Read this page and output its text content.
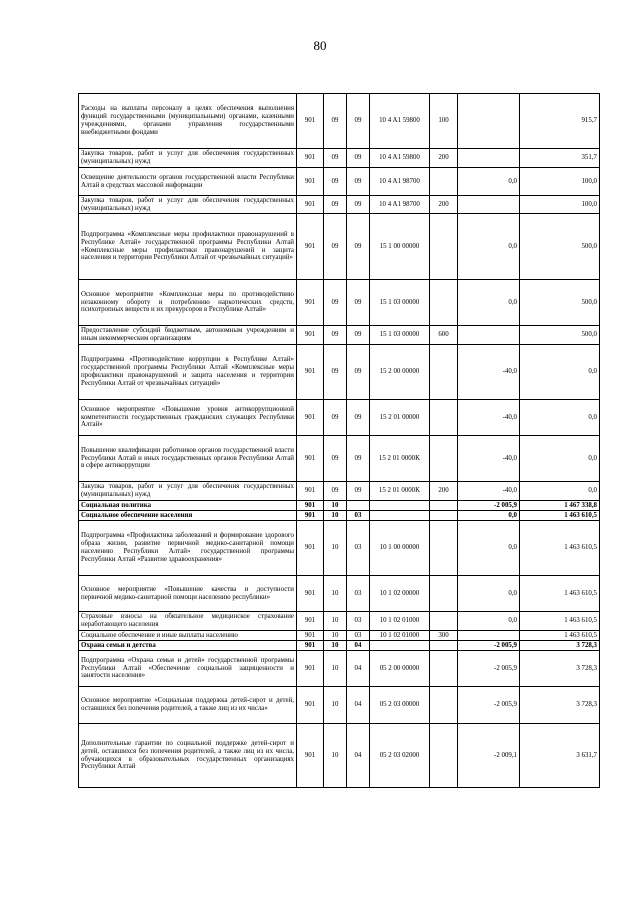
80
Расходы на выплаты персоналу в целях обеспечения выполнения функций государственными (муниципальными) органами, казенными учреждениями, органами управления государственными внебюджетными фондами	901	09	09	10 4 A1 59800	100		915,7
Закупка товаров, работ и услуг для обеспечения государственных (муниципальных) нужд	901	09	09	10 4 A1 59800	200		351,7
Освещение деятельности органов государственной власти Республики Алтай в средствах массовой информации	901	09	09	10 4 A1 98700		0,0	100,0
Закупка товаров, работ и услуг для обеспечения государственных (муниципальных) нужд	901	09	09	10 4 A1 98700	200		100,0
Подпрограмма «Комплексные меры профилактики правонарушений в Республике Алтай» государственной программы Республики Алтай «Комплексные меры профилактики правонарушений и защита населения и территории Республики Алтай от чрезвычайных ситуаций»	901	09	09	15 1 00 00000		0,0	500,0
Основное мероприятие «Комплексные меры по противодействию незаконному обороту и потреблению наркотических средств, психотропных веществ и их прекурсоров в Республике Алтай»	901	09	09	15 1 03 00000		0,0	500,0
Предоставление субсидий бюджетным, автономным учреждениям и иным некоммерческим организациям	901	09	09	15 1 03 00000	600		500,0
Подпрограмма «Противодействие коррупции в Республике Алтай» государственной программы Республики Алтай «Комплексные меры профилактики правонарушений и защита населения и территории Республики Алтай от чрезвычайных ситуаций»	901	09	09	15 2 00 00000		-40,0	0,0
Основное мероприятие «Повышение уровня антикоррупционной компетентности государственных гражданских служащих Республики Алтай»	901	09	09	15 2 01 00000		-40,0	0,0
Повышение квалификации работников органов государственной власти Республики Алтай и иных государственных органов Республики Алтай в сфере антикоррупции	901	09	09	15 2 01 0000K		-40,0	0,0
Закупка товаров, работ и услуг для обеспечения государственных (муниципальных) нужд	901	09	09	15 2 01 0000K	200	-40,0	0,0
Социальная политика	901	10				-2 005,9	1 467 338,8
Социальное обеспечение населения	901	10	03			0,0	1 463 610,5
Подпрограмма «Профилактика заболеваний и формирование здорового образа жизни, развитие первичной медико-санитарной помощи населению Республики Алтай» государственной программы Республики Алтай «Развитие здравоохранения»	901	10	03	10 1 00 00000		0,0	1 463 610,5
Основное мероприятие «Повышение качества и доступности первичной медико-санитарной помощи населению республики»	901	10	03	10 1 02 00000		0,0	1 463 610,5
Страховые взносы на обязательное медицинское страхование неработающего населения	901	10	03	10 1 02 01000		0,0	1 463 610,5
Социальное обеспечение и иные выплаты населению	901	10	03	10 1 02 01000	300		1 463 610,5
Охрана семьи и детства	901	10	04			-2 005,9	3 728,3
Подпрограмма «Охрана семьи и детей» государственной программы Республики Алтай «Обеспечение социальной защищенности и занятости населения»	901	10	04	05 2 00 00000		-2 005,9	3 728,3
Основное мероприятие «Социальная поддержка детей-сирот и детей, оставшихся без попечения родителей, а также лиц из их числа»	901	10	04	05 2 03 00000		-2 005,9	3 728,3
Дополнительные гарантии по социальной поддержке детей-сирот и детей, оставшихся без попечения родителей, а также лиц из их числа, обучающихся в образовательных государственных организациях Республики Алтай	901	10	04	05 2 03 02000		-2 009,1	3 631,7
